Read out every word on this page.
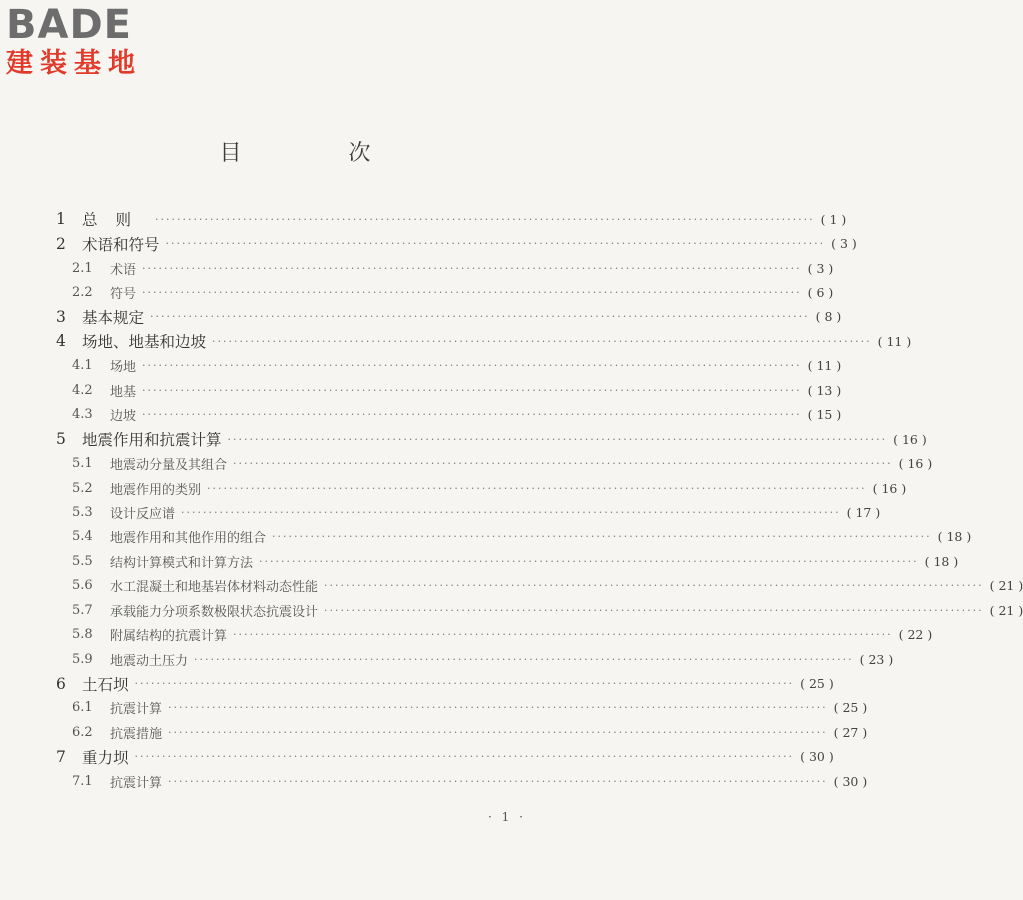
BADE
建装基地
目 次
1	总则 ························································································································ ( 1 )
2	术语和符号 ························································································································ ( 3 )
2.1	术语 ························································································································ ( 3 )
2.2	符号 ························································································································ ( 6 )
3	基本规定 ························································································································ ( 8 )
4	场地、地基和边坡 ························································································································ ( 11 )
4.1	场地 ························································································································ ( 11 )
4.2	地基 ························································································································ ( 13 )
4.3	边坡 ························································································································ ( 15 )
5	地震作用和抗震计算 ························································································································ ( 16 )
5.1	地震动分量及其组合 ························································································································ ( 16 )
5.2	地震作用的类别 ························································································································ ( 16 )
5.3	设计反应谱 ························································································································ ( 17 )
5.4	地震作用和其他作用的组合 ························································································································ ( 18 )
5.5	结构计算模式和计算方法 ························································································································ ( 18 )
5.6	水工混凝土和地基岩体材料动态性能 ························································································································ ( 21 )
5.7	承载能力分项系数极限状态抗震设计 ························································································································ ( 21 )
5.8	附属结构的抗震计算 ························································································································ ( 22 )
5.9	地震动土压力 ························································································································ ( 23 )
6	土石坝 ························································································································ ( 25 )
6.1	抗震计算 ························································································································ ( 25 )
6.2	抗震措施 ························································································································ ( 27 )
7	重力坝 ························································································································ ( 30 )
7.1	抗震计算 ························································································································ ( 30 )
· 1 ·
